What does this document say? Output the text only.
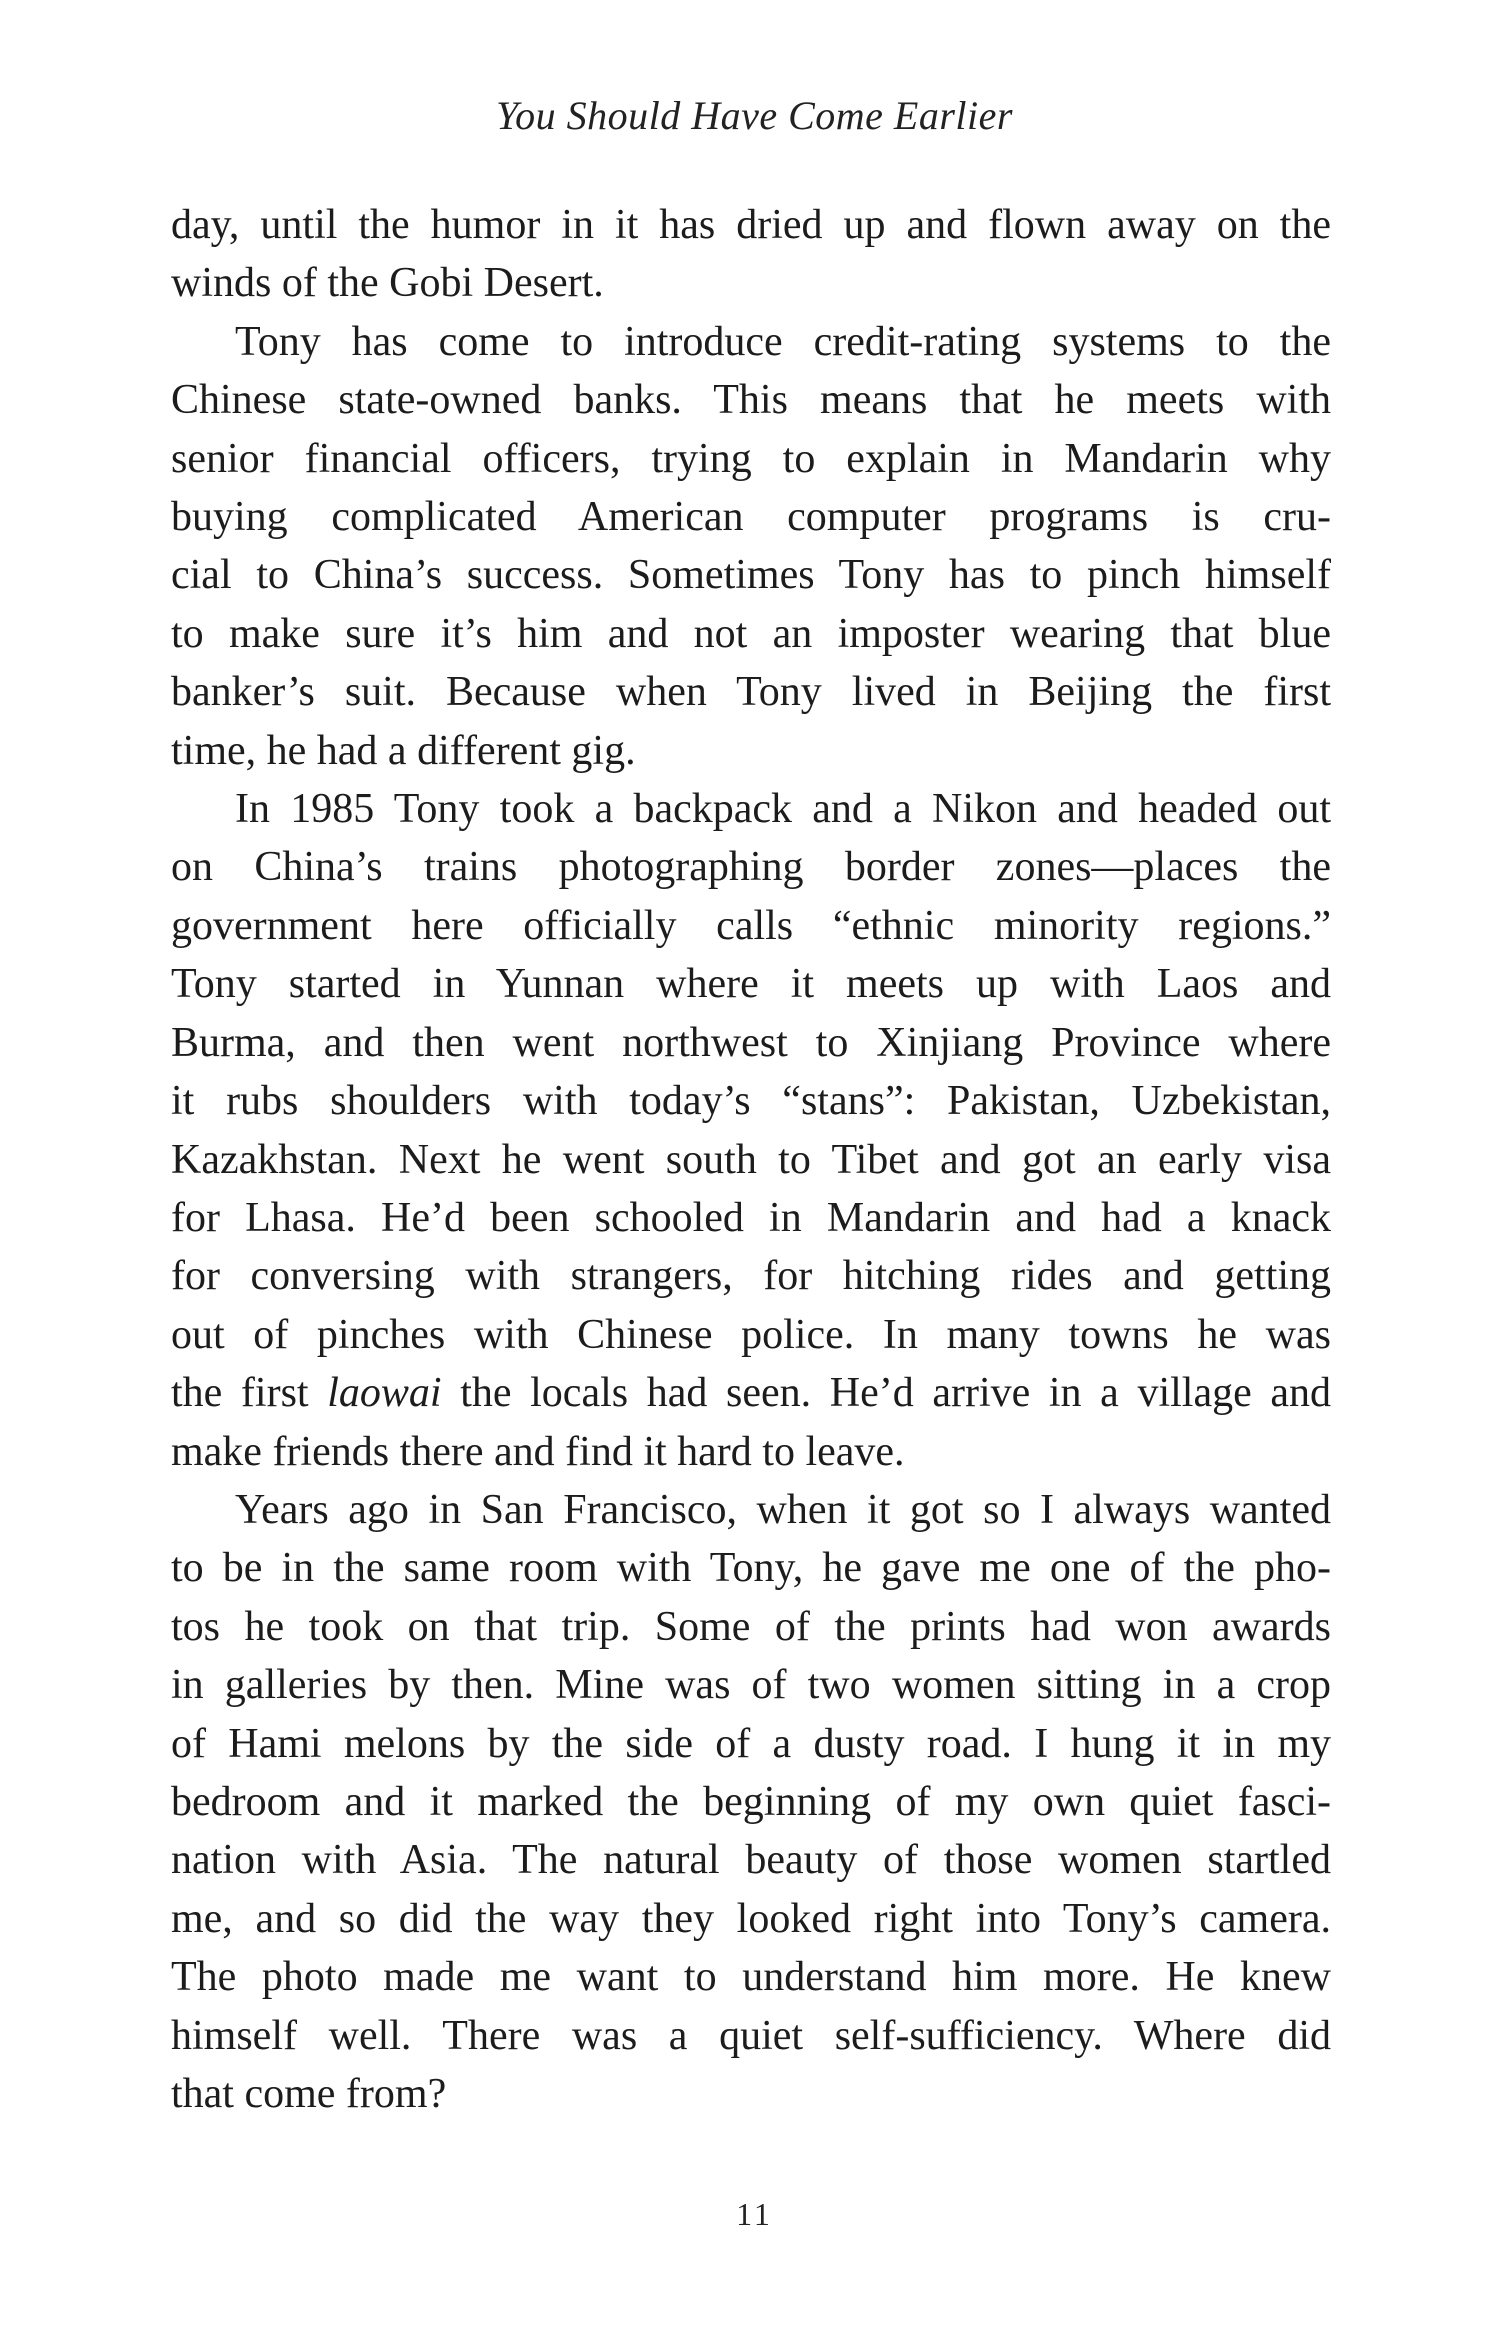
You Should Have Come Earlier
day, until the humor in it has dried up and flown away on the
winds of the Gobi Desert.
Tony has come to introduce credit-rating systems to the
Chinese state-owned banks. This means that he meets with
senior financial officers, trying to explain in Mandarin why
buying complicated American computer programs is cru-
cial to China’s success. Sometimes Tony has to pinch himself
to make sure it’s him and not an imposter wearing that blue
banker’s suit. Because when Tony lived in Beijing the first
time, he had a different gig.
In 1985 Tony took a backpack and a Nikon and headed out
on China’s trains photographing border zones—places the
government here officially calls “ethnic minority regions.”
Tony started in Yunnan where it meets up with Laos and
Burma, and then went northwest to Xinjiang Province where
it rubs shoulders with today’s “stans”: Pakistan, Uzbekistan,
Kazakhstan. Next he went south to Tibet and got an early visa
for Lhasa. He’d been schooled in Mandarin and had a knack
for conversing with strangers, for hitching rides and getting
out of pinches with Chinese police. In many towns he was
the first laowai the locals had seen. He’d arrive in a village and
make friends there and find it hard to leave.
Years ago in San Francisco, when it got so I always wanted
to be in the same room with Tony, he gave me one of the pho-
tos he took on that trip. Some of the prints had won awards
in galleries by then. Mine was of two women sitting in a crop
of Hami melons by the side of a dusty road. I hung it in my
bedroom and it marked the beginning of my own quiet fasci-
nation with Asia. The natural beauty of those women startled
me, and so did the way they looked right into Tony’s camera.
The photo made me want to understand him more. He knew
himself well. There was a quiet self-sufficiency. Where did
that come from?
11
